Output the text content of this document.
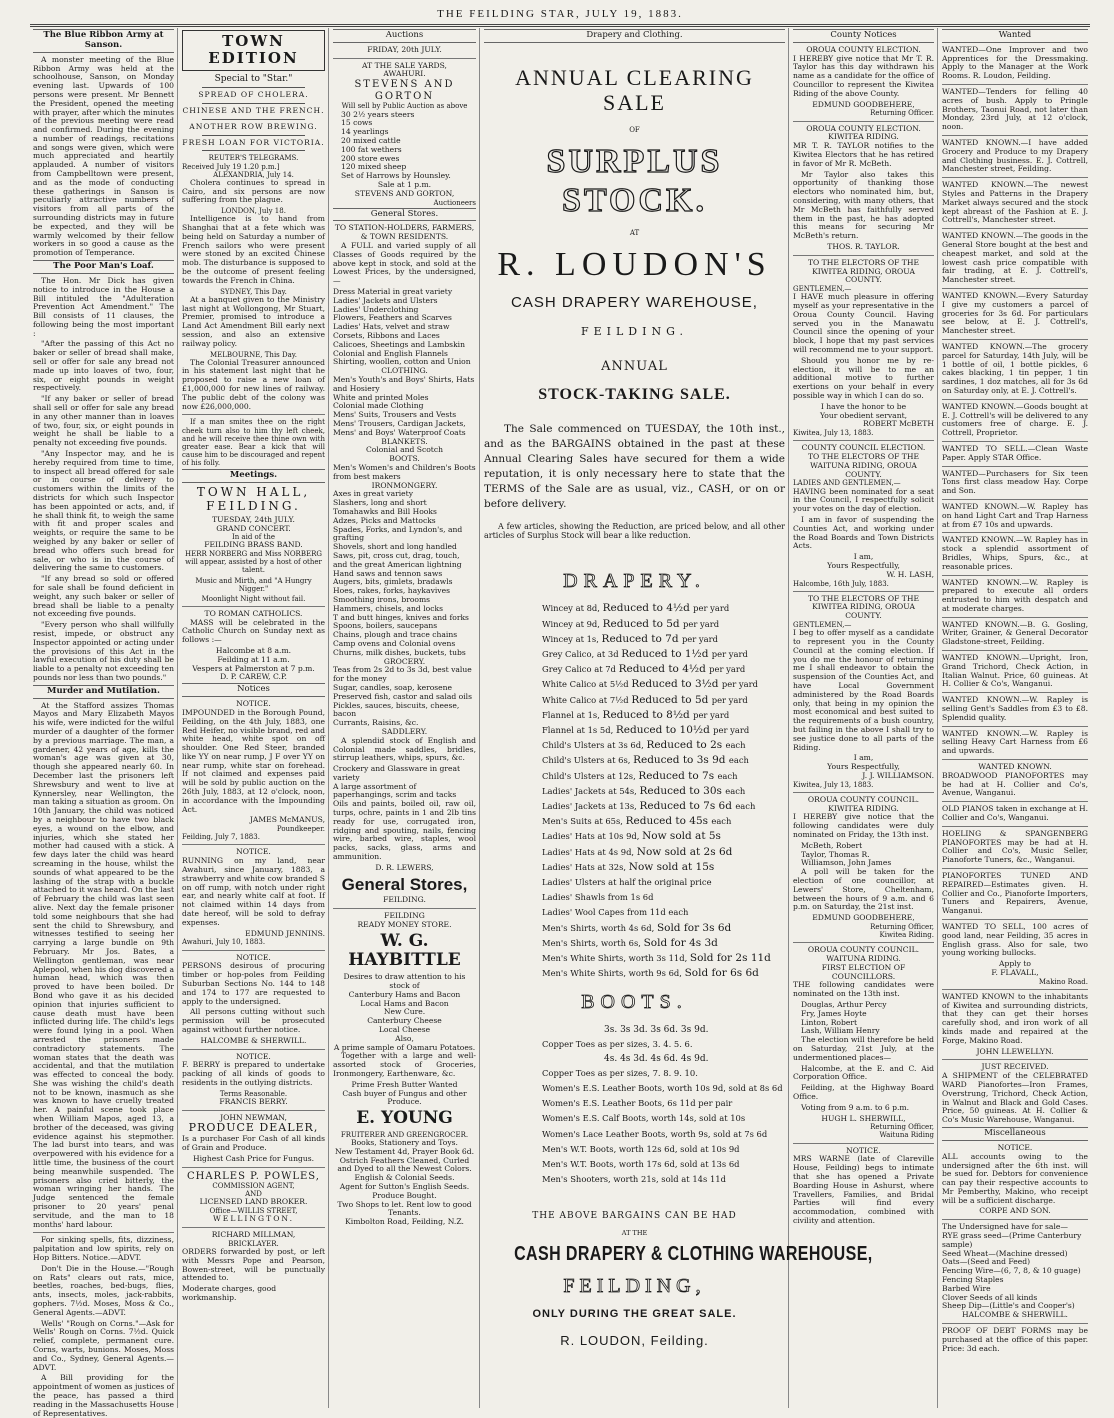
THE FEILDING STAR, JULY 19, 1883.
The Blue Ribbon Army at Sanson.

A monster meeting of the Blue Ribbon Army was held at the schoolhouse, Sanson, on Monday evening last. Upwards of 100 persons were present. Mr Bennett the President, opened the meeting with prayer, after which the minutes of the previous meeting were read and confirmed. During the evening a number of readings, recitations and songs were given, which were much appreciated and heartily applauded. A number of visitors from Campbelltown were present, and as the mode of conducting these gatherings in Sanson is peculiarly attractive numbers of visitors from all parts of the surrounding districts may in future be expected, and they will be warmly welcomed by their fellow workers in so good a cause as the promotion of Temperance.

The Poor Man's Loaf.

The Hon. Mr Dick has given notice to introduce in the House a Bill intituled the "Adulteration Prevention Act Amendment." The Bill consists of 11 clauses, the following being the most important :

"After the passing of this Act no baker or seller of bread shall make, sell or offer for sale any bread not made up into loaves of two, four, six, or eight pounds in weight respectively.

"If any baker or seller of bread shall sell or offer for sale any bread in any other manner than in loaves of two, four, six, or eight pounds in weight he shall be liable to a penalty not exceeding five pounds.

"Any Inspector may, and he is hereby required from time to time, to inspect all bread offered for sale or in course of delivery to customers within the limits of the districts for which such Inspector has been appointed or acts, and, if he shall think fit, to weigh the same with fit and proper scales and weights, or require the same to be weighed by any baker or seller of bread who offers such bread for sale, or who is in the course of delivering the same to customers.

"If any bread so sold or offered for sale shall be found deficient in weight, any such baker or seller of bread shall be liable to a penalty not exceeding five pounds.

"Every person who shall willfully resist, impede, or obstruct any Inspector appointed or acting under the provisions of this Act in the lawful execution of his duty shall be liable to a penalty not exceeding ten pounds nor less than two pounds."

Murder and Mutilation.

At the Stafford assizes Thomas Mayos and Mary Elizabeth Mayos his wife, were indicted for the wilful murder of a daughter of the former by a previous marriage. The man, a gardener, 42 years of age, kills the woman's age was given at 30, though she appeared nearly 60. In December last the prisoners left Shrewsbury and went to live at Kynnersley, near Wellington, the man taking a situation as groom. On 10th January, the child was noticed by a neighbour to have two black eyes, a wound on the elbow, and injuries, which she stated her mother had caused with a stick. A few days later the child was heard screaming in the house, whilst the sounds of what appeared to be the lashing of the strap with a buckle attached to it was heard. On the last of February the child was last seen alive. Next day the female prisoner told some neighbours that she had sent the child to Shrewsbury, and witnesses testified to seeing her carrying a large bundle on 9th February. Mr Jos. Bates, a Wellington gentleman, was near Aplepool, when his dog discovered a human head, which was then proved to have been boiled. Dr Bond who gave it as his decided opinion that injuries sufficient to cause death must have been inflicted during life. The child's legs were found lying in a pool. When arrested the prisoners made contradictory statements. The woman states that the death was accidental, and that the mutilation was effected to conceal the body. She was wishing the child's death not to be known, inasmuch as she was known to have cruelly treated her. A painful scene took place when William Mapos, aged 13, a brother of the deceased, was giving evidence against his stepmother. The lad burst into tears, and was overpowered with his evidence for a little time, the business of the court being meanwhile suspended. The prisoners also cried bitterly, the woman wringing her hands. The Judge sentenced the female prisoner to 20 years' penal servitude, and the man to 18 months' hard labour.

For sinking spells, fits, dizziness, palpitation and low spirits, rely on Hop Bitters. Notice.—ADVT.

Don't Die in the House.—"Rough on Rats" clears out rats, mice, beetles, roaches, bed-bugs, flies, ants, insects, moles, jack-rabbits, gophers. 7½d. Moses, Moss & Co., General Agents.—ADVT.

Wells' "Rough on Corns."—Ask for Wells' Rough on Corns. 7½d. Quick relief, complete, permanent cure. Corns, warts, bunions. Moses, Moss and Co., Sydney, General Agents.—ADVT.

A Bill providing for the appointment of women as justices of the peace, has passed a third reading in the Massachusetts House of Representatives.

TOWN EDITION
Special to "Star."
SPREAD OF CHOLERA.
CHINESE AND THE FRENCH.
ANOTHER ROW BREWING.
FRESH LOAN FOR VICTORIA.
REUTER'S TELEGRAMS.
Received July 19 1.20 p.m.]
ALEXANDRIA, July 14.

Cholera continues to spread in Cairo, and six persons are now suffering from the plague.

LONDON, July 18.

Intelligence is to hand from Shanghai that at a fete which was being held on Saturday a number of French sailors who were present were stoned by an excited Chinese mob. The disturbance is supposed to be the outcome of present feeling towards the French in China.

SYDNEY, This Day.

At a banquet given to the Ministry last night at Wollongong, Mr Stuart, Premier, promised to introduce a Land Act Amendment Bill early next session, and also an extensive railway policy.

MELBOURNE, This Day.

The Colonial Treasurer announced in his statement last night that he proposed to raise a new loan of £1,000,000 for new lines of railway. The public debt of the colony was now £26,000,000.

If a man smites thee on the right cheek turn also to him thy left cheek, and he will receive thee thine own with greater ease. Bear a kick that will cause him to be discouraged and repent of his folly.

Meetings.
TOWN HALL, FEILDING.
TUESDAY, 24th JULY.
GRAND CONCERT.
In aid of the
FEILDING BRASS BAND.

HERR NORBERG and Miss NORBERG will appear, assisted by a host of other talent.

Music and Mirth, and "A Hungry Nigger."

Moonlight Night without fail.

TO ROMAN CATHOLICS.

MASS will be celebrated in the Catholic Church on Sunday next as follows :—

Halcombe at 8 a.m.
Feilding at 11 a.m.
Vespers at Palmerston at 7 p.m.
D. P. CAREW, C.P.
Notices
NOTICE.

IMPOUNDED in the Borough Pound, Feilding, on the 4th July, 1883, one Red Heifer, no visible brand, red and white head, white spot on off shoulder. One Red Steer, branded like YY on near rump, J F over YY on near rump, white star on forehead. If not claimed and expenses paid will be sold by public auction on the 26th July, 1883, at 12 o'clock, noon, in accordance with the Impounding Act.

JAMES McMANUS,
Poundkeeper.
Feilding, July 7, 1883.
NOTICE.

RUNNING on my land, near Awahuri, since January, 1883, a strawberry and white cow branded S on off rump, with notch under right ear, and nearly white calf at foot. If not claimed within 14 days from date hereof, will be sold to defray expenses.

EDMUND JENNINS.
Awahuri, July 10, 1883.
NOTICE.

PERSONS desirous of procuring timber or hop-poles from Feilding Suburban Sections No. 144 to 148 and 174 to 177 are requested to apply to the undersigned.

All persons cutting without such permission will be prosecuted against without further notice.

HALCOMBE & SHERWILL.
NOTICE.

F. BERRY is prepared to undertake packing of all kinds of goods to residents in the outlying districts.

Terms Reasonable.
FRANCIS BERRY.
JOHN NEWMAN,
PRODUCE DEALER,

Is a purchaser For Cash of all kinds of Grain and Produce.

Highest Cash Price for Fungus.
CHARLES P. POWLES,
COMMISSION AGENT,
AND
LICENSED LAND BROKER.
Office—WILLIS STREET,
WELLINGTON.
RICHARD MILLMAN,
BRICKLAYER.

ORDERS forwarded by post, or left with Messrs Pope and Pearson, Bowen-street, will be punctually attended to.

Moderate charges, good workmanship.
Auctions
FRIDAY, 20th JULY.
AT THE SALE YARDS,
AWAHURI.
STEVENS AND GORTON
Will sell by Public Auction as above
30 2½ years steers
15 cows
14 yearlings
20 mixed cattle
100 fat wethers
200 store ewes
120 mixed sheep
Set of Harrows by Hounsley.
Sale at 1 p.m.
STEVENS AND GORTON,
Auctioneers
General Stores.
TO STATION-HOLDERS, FARMERS, & TOWN RESIDENTS.

A FULL and varied supply of all Classes of Goods required by the above kept in stock, and sold at the Lowest Prices, by the undersigned,—

Dress Material in great variety
Ladies' Jackets and Ulsters
Ladies' Underclothing
Flowers, Feathers and Scarves
Ladies' Hats, velvet and straw
Corsets, Ribbons and Laces
Calicoes, Sheetings and Lambskin
Colonial and English Flannels
Shirting, woollen, cotton and Union
CLOTHING.
Men's Youth's and Boys' Shirts, Hats and Hosiery
White and printed Moles
Colonial made Clothing
Mens' Suits, Trousers and Vests
Mens' Trousers, Cardigan Jackets, Mens' and Boys' Waterproof Coats
BLANKETS.
Colonial and Scotch
BOOTS.
Men's Women's and Children's Boots from best makers
IRONMONGERY.
Axes in great variety
Slashers, long and short
Tomahawks and Bill Hooks
Adzes, Picks and Mattocks
Spades, Forks, and Lyndon's, and grafting
Shovels, short and long handled
Saws, pit, cross cut, drag, touch, and the great American lightning
Hand saws and tennon saws
Augers, bits, gimlets, bradawls
Hoes, rakes, forks, haykavives
Smoothing irons, brooms
Hammers, chisels, and locks
T and butt hinges, knives and forks
Spoons, boilers, saucepans
Chains, plough and trace chains
Camp ovens and Colonial ovens
Churns, milk dishes, buckets, tubs
GROCERY.
Teas from 2s 2d to 3s 3d, best value for the money
Sugar, candles, soap, kerosene
Preserved fish, castor and salad oils
Pickles, sauces, biscuits, cheese, bacon
Currants, Raisins, &c.
SADDLERY.

A splendid stock of English and Colonial made saddles, bridles, stirrup leathers, whips, spurs, &c.

Crockery and Glassware in great variety
A large assortment of paperhangings, scrim and tacks

Oils and paints, boiled oil, raw oil, turps, ochre, paints in 1 and 2lb tins ready for use, corrugated iron, ridging and spouting, nails, fencing wire, barbed wire, staples, wool packs, sacks, glass, arms and ammunition.

D. R. LEWERS,
General Stores,
FEILDING.
FEILDING
READY MONEY STORE.
W. G. HAYBITTLE
Desires to draw attention to his stock of
Canterbury Hams and Bacon
Local Hams and Bacon
New Cure.
Canterbury Cheese
Local Cheese
Also,
A prime sample of Oamaru Potatoes.

Together with a large and well-assorted stock of Groceries, Ironmongery, Earthenware, &c.

Prime Fresh Butter Wanted
Cash buyer of Fungus and other Produce.
E. YOUNG
FRUITERER AND GREENGROCER.
Books, Stationery and Toys.
New Testament 4d, Prayer Book 6d.
Ostrich Feathers Cleaned, Curled and Dyed to all the Newest Colors.
English & Colonial Seeds.
Agent for Sutton's English Seeds.
Produce Bought.
Two Shops to let. Rent low to good Tenants.
Kimbolton Road, Feilding, N.Z.
Drapery and Clothing.
ANNUAL CLEARING SALE
OF
SURPLUS STOCK.
AT
R. LOUDON'S
CASH DRAPERY WAREHOUSE,
FEILDING.
ANNUAL
STOCK-TAKING SALE.

The Sale commenced on TUESDAY, the 10th inst., and as the BARGAINS obtained in the past at these Annual Clearing Sales have secured for them a wide reputation, it is only necessary here to state that the TERMS of the Sale are as usual, viz., CASH, or on or before delivery.

A few articles, showing the Reduction, are priced below, and all other articles of Surplus Stock will bear a like reduction.

DRAPERY.
Wincey at 8d, Reduced to 4½d per yard
Wincey at 9d, Reduced to 5d per yard
Wincey at 1s, Reduced to 7d per yard
Grey Calico, at 3d Reduced to 1½d per yard
Grey Calico at 7d Reduced to 4½d per yard
White Calico at 5½d Reduced to 3½d per yard
White Calico at 7½d Reduced to 5d per yard
Flannel at 1s, Reduced to 8½d per yard
Flannel at 1s 5d, Reduced to 10½d per yard
Child's Ulsters at 3s 6d, Reduced to 2s each
Child's Ulsters at 6s, Reduced to 3s 9d each
Child's Ulsters at 12s, Reduced to 7s each
Ladies' Jackets at 54s, Reduced to 30s each
Ladies' Jackets at 13s, Reduced to 7s 6d each
Men's Suits at 65s, Reduced to 45s each
Ladies' Hats at 10s 9d, Now sold at 5s
Ladies' Hats at 4s 9d, Now sold at 2s 6d
Ladies' Hats at 32s, Now sold at 15s
Ladies' Ulsters at half the original price
Ladies' Shawls from 1s 6d
Ladies' Wool Capes from 11d each
Men's Shirts, worth 4s 6d, Sold for 3s 6d
Men's Shirts, worth 6s, Sold for 4s 3d
Men's White Shirts, worth 3s 11d, Sold for 2s 11d
Men's White Shirts, worth 9s 6d, Sold for 6s 6d
BOOTS.
3s. 3s 3d. 3s 6d. 3s 9d.
Copper Toes as per sizes, 3. 4. 5. 6.
4s. 4s 3d. 4s 6d. 4s 9d.
Copper Toes as per sizes, 7. 8. 9. 10.
Women's E.S. Leather Boots, worth 10s 9d, sold at 8s 6d
Women's E.S. Leather Boots, 6s 11d per pair
Women's E.S. Calf Boots, worth 14s, sold at 10s
Women's Lace Leather Boots, worth 9s, sold at 7s 6d
Men's W.T. Boots, worth 12s 6d, sold at 10s 9d
Men's W.T. Boots, worth 17s 6d, sold at 13s 6d
Men's Shooters, worth 21s, sold at 14s 11d
THE ABOVE BARGAINS CAN BE HAD
AT THE
CASH DRAPERY & CLOTHING WAREHOUSE,
FEILDING,
ONLY DURING THE GREAT SALE.
R. LOUDON, Feilding.
County Notices
OROUA COUNTY ELECTION.

I HEREBY give notice that Mr T. R. Taylor has this day withdrawn his name as a candidate for the office of Councillor to represent the Kiwitea Riding of the above County.

EDMUND GOODBEHERE,
Returning Officer.
OROUA COUNTY ELECTION.
KIWITEA RIDING.

MR T. R. TAYLOR notifies to the Kiwitea Electors that he has retired in favor of Mr R. McBeth.

Mr Taylor also takes this opportunity of thanking those electors who nominated him, but, considering, with many others, that Mr McBeth has faithfully served them in the past, he has adopted this means for securing Mr McBeth's return.

THOS. R. TAYLOR.
TO THE ELECTORS OF THE KIWITEA RIDING, OROUA COUNTY.
GENTLEMEN,—

I HAVE much pleasure in offering myself as your representative in the Oroua County Council. Having served you in the Manawatu Council since the opening of your block, I hope that my past services will recommend me to your support.

Should you honor me by re-election, it will be to me an additional motive to further exertions on your behalf in every possible way in which I can do so.

I have the honor to be
Your obedient servant,
ROBERT McBETH
Kiwitea, July 13, 1883.
COUNTY COUNCIL ELECTION.
TO THE ELECTORS OF THE WAITUNA RIDING, OROUA COUNTY.
LADIES AND GENTLEMEN,—

HAVING been nominated for a seat in the Council, I respectfully solicit your votes on the day of election.

I am in favor of suspending the Counties Act, and working under the Road Boards and Town Districts Acts.

I am,
Yours Respectfully,
W. H. LASH,
Halcombe, 16th July, 1883.
TO THE ELECTORS OF THE KIWITEA RIDING, OROUA COUNTY.
GENTLEMEN,—

I beg to offer myself as a candidate to represent you in the County Council at the coming election. If you do me the honour of returning me I shall endeavor to obtain the suspension of the Counties Act, and have Local Government administered by the Road Boards only, that being in my opinion the most economical and best suited to the requirements of a bush country, but failing in the above I shall try to see justice done to all parts of the Riding.

I am,
Yours Respectfully,
J. J. WILLIAMSON.
Kiwitea, July 13, 1883.
OROUA COUNTY COUNCIL.
KIWITEA RIDING.

I HEREBY give notice that the following candidates were duly nominated on Friday, the 13th inst.

McBeth, Robert
Taylor, Thomas R.
Williamson, John James

A poll will be taken for the election of one councillor, at Lewers' Store, Cheltenham, between the hours of 9 a.m. and 6 p.m. on Saturday, the 21st inst.

EDMUND GOODBEHERE,
Returning Officer,
Kiwitea Riding.
OROUA COUNTY COUNCIL.
WAITUNA RIDING.
FIRST ELECTION OF COUNCILLORS.

THE following candidates were nominated on the 13th inst.

Douglas, Arthur Percy
Fry, James Hoyte
Linton, Robert
Lash, William Henry

The election will therefore be held on Saturday, 21st July, at the undermentioned places—

Halcombe, at the E. and C. Aid Corporation Office.

Feilding, at the Highway Board Office.

Voting from 9 a.m. to 6 p.m.

HUGH L. SHERWILL,
Returning Officer,
Waituna Riding
NOTICE.

MRS WARNE (late of Clareville House, Feilding) begs to intimate that she has opened a Private Boarding House in Ashurst, where Travellers, Families, and Bridal Parties will find every accommodation, combined with civility and attention.

Wanted

WANTED—One Improver and two Apprentices for the Dressmaking. Apply to the Manager at the Work Rooms. R. Loudon, Feilding.

WANTED—Tenders for felling 40 acres of bush. Apply to Pringle Brothers, Taonui Road, not later than Monday, 23rd July, at 12 o'clock, noon.

WANTED KNOWN.—I have added Grocery and Produce to my Drapery and Clothing business. E. J. Cottrell, Manchester street, Feilding.

WANTED KNOWN.—The newest Styles and Patterns in the Drapery Market always secured and the stock kept abreast of the Fashion at E. J. Cottrell's, Manchester street.

WANTED KNOWN.—The goods in the General Store bought at the best and cheapest market, and sold at the lowest cash price compatible with fair trading, at E. J. Cottrell's, Manchester street.

WANTED KNOWN.—Every Saturday I give my customers a parcel of groceries for 3s 6d. For particulars see below, at E. J. Cottrell's, Manchester street.

WANTED KNOWN.—The grocery parcel for Saturday, 14th July, will be 1 bottle of oil, 1 bottle pickles, 6 cakes blacking, 1 tin pepper, 1 tin sardines, 1 doz matches, all for 3s 6d on Saturday only, at E. J. Cottrell's.

WANTED KNOWN.—Goods bought at E. J. Cottrell's will be delivered to any customers free of charge. E. J. Cottrell, Proprietor.

WANTED TO SELL.—Clean Waste Paper. Apply STAR Office.

WANTED—Purchasers for Six teen Tons first class meadow Hay. Corpe and Son.

WANTED KNOWN.—W. Rapley has on hand Light Cart and Trap Harness at from £7 10s and upwards.

WANTED KNOWN.—W. Rapley has in stock a splendid assortment of Bridles, Whips, Spurs, &c., at reasonable prices.

WANTED KNOWN.—W. Rapley is prepared to execute all orders entrusted to him with despatch and at moderate charges.

WANTED KNOWN.—B. G. Gosling, Writer, Grainer, & General Decorator Gladstone-street, Feilding.

WANTED KNOWN.—Upright, Iron, Grand Trichord, Check Action, in Italian Walnut. Price, 60 guineas. At H. Collier & Co's, Wanganui.

WANTED KNOWN.—W. Rapley is selling Gent's Saddles from £3 to £8. Splendid quality.

WANTED KNOWN.—W. Rapley is selling Heavy Cart Harness from £6 and upwards.

WANTED KNOWN.

BROADWOOD PIANOFORTES may be had at H. Collier and Co's, Avenue, Wanganui.

OLD PIANOS taken in exchange at H. Collier and Co's, Wanganui.

HOELING & SPANGENBERG PIANOFORTES may be had at H. Collier and Co's, Music Seller, Pianoforte Tuners, &c., Wanganui.

PIANOFORTES TUNED AND REPAIRED—Estimates given. H. Collier and Co., Pianoforte Importers, Tuners and Repairers, Avenue, Wanganui.

WANTED TO SELL, 100 acres of good land, near Feilding, 35 acres in English grass. Also for sale, two young working bullocks.

Apply to
F. FLAVALL,
Makino Road.

WANTED KNOWN to the inhabitants of Kiwitea and surrounding districts, that they can get their horses carefully shod, and iron work of all kinds made and repaired at the Forge, Makino Road.

JOHN LLEWELLYN.
JUST RECEIVED.

A SHIPMENT of the CELEBRATED WARD Pianofortes—Iron Frames, Overstrung, Trichord, Check Action, in Walnut and Black and Gold Cases. Price, 50 guineas. At H. Collier & Co's Music Warehouse, Wanganui.

Miscellaneous
NOTICE.

ALL accounts owing to the undersigned after the 6th inst. will be sued for. Debtors for convenience can pay their respective accounts to Mr Pemberthy, Makino, who receipt will be a sufficient discharge.

CORPE AND SON.
The Undersigned have for sale—
RYE grass seed—(Prime Canterbury sample)
Seed Wheat—(Machine dressed)
Oats—(Seed and Feed)
Fencing Wire—(6, 7, 8, & 10 guage)
Fencing Staples
Barbed Wire
Clover Seeds of all kinds
Sheep Dip—(Little's and Cooper's)
HALCOMBE & SHERWILL.

PROOF OF DEBT FORMS may be purchased at the office of this paper. Price: 3d each.
